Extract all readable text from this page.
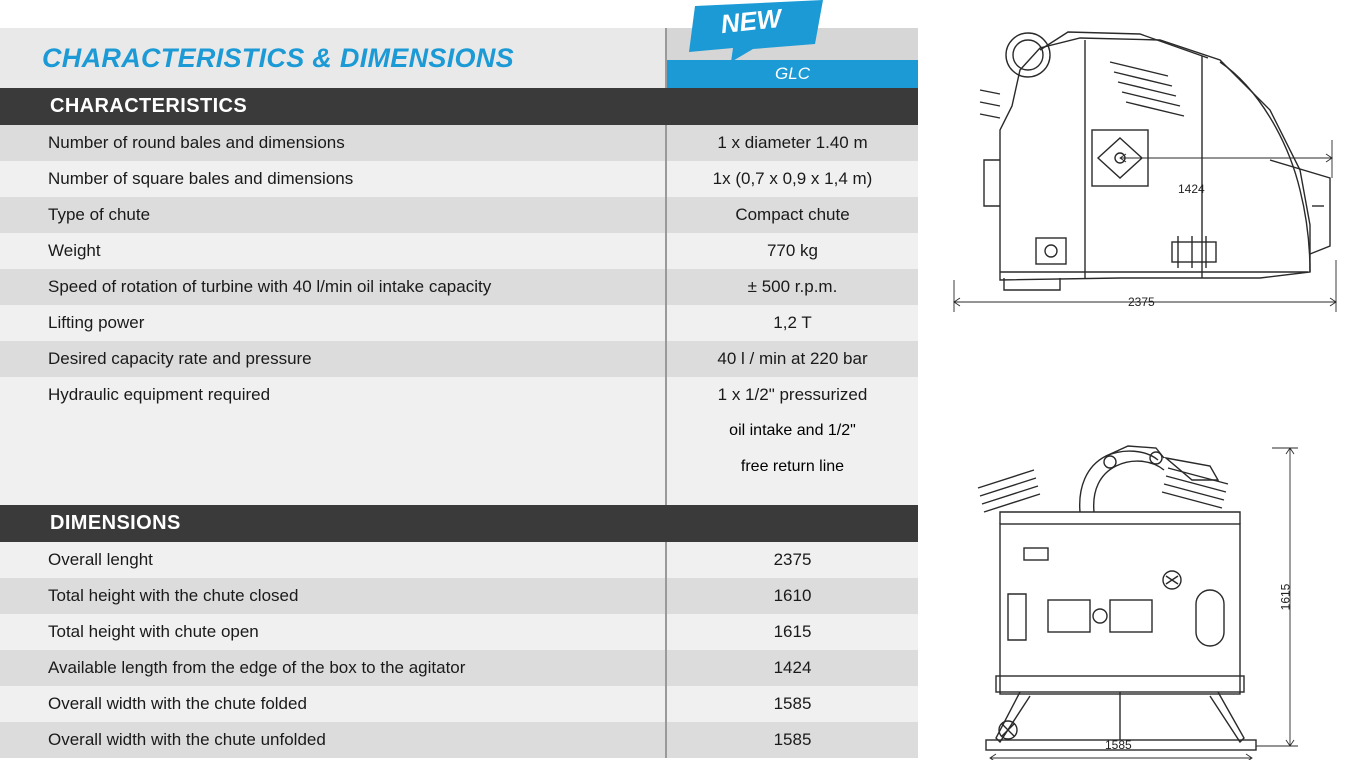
CHARACTERISTICS & DIMENSIONS
NEW
GLC
CHARACTERISTICS
Number of round bales and dimensions	1 x diameter 1.40 m
Number of square bales and dimensions	1x (0,7 x 0,9 x 1,4 m)
Type of chute	Compact chute
Weight	770 kg
Speed of rotation of turbine with 40 l/min oil intake capacity	± 500 r.p.m.
Lifting power	1,2 T
Desired capacity rate and pressure	40 l / min at 220 bar
Hydraulic equipment required	1 x 1/2" pressurized
oil intake and 1/2"
free return line
DIMENSIONS
Overall lenght	2375
Total height with the chute closed	1610
Total height with chute open	1615
Available length from the edge of the box to the agitator	1424
Overall width with the chute folded	1585
Overall width with the chute unfolded	1585
1424
2375
1615
1585
